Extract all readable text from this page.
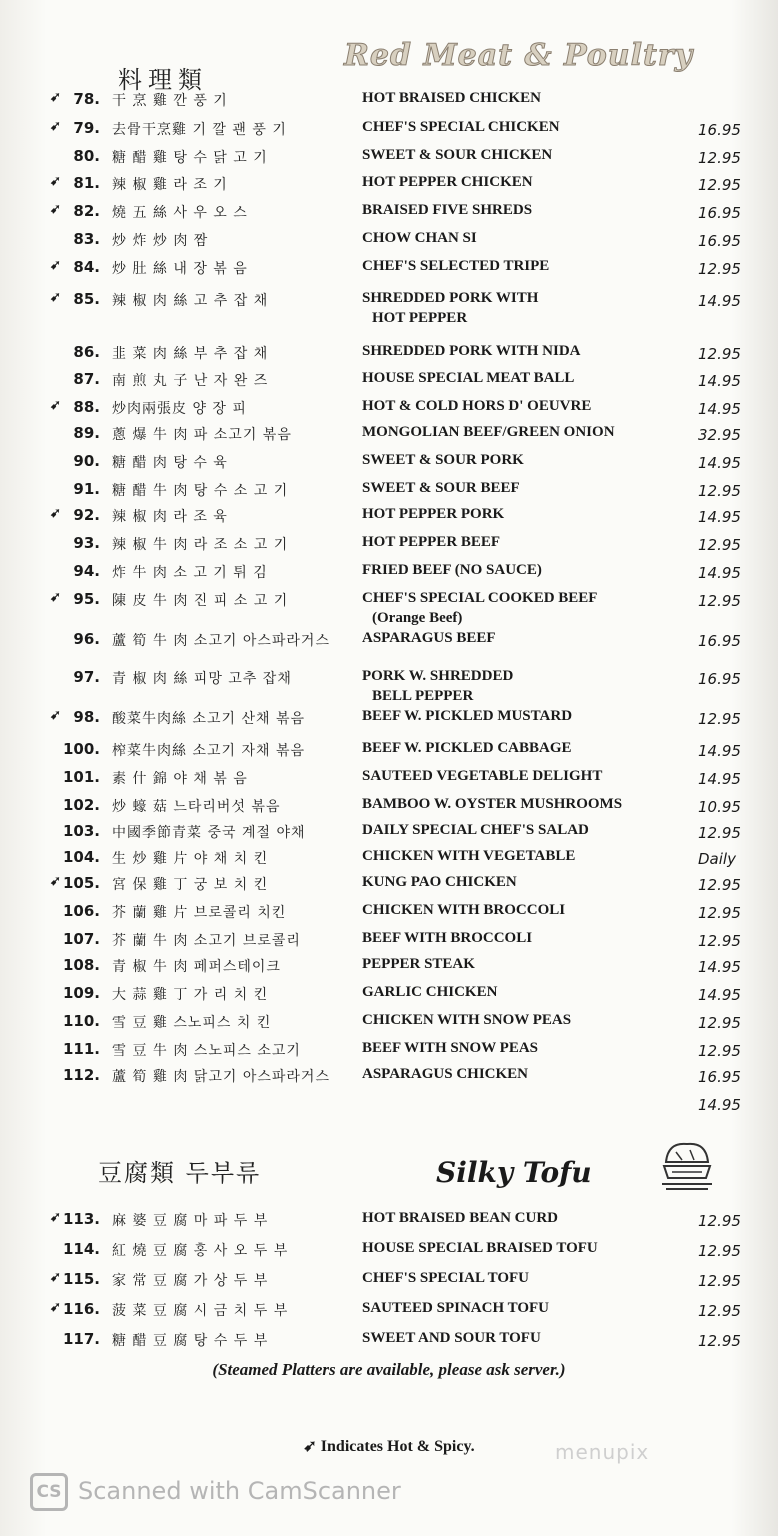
料理類
Red Meat & Poultry
➹ 78. 干 烹 雞 깐 풍 기	HOT BRAISED CHICKEN
➹ 79. 去骨干烹雞 기 깔 괜 풍 기	CHEF'S SPECIAL CHICKEN	16.95
80. 糖 醋 雞 탕 수 닭 고 기	SWEET & SOUR CHICKEN	12.95
➹ 81. 辣 椒 雞 라 조 기	HOT PEPPER CHICKEN	12.95
➹ 82. 燒 五 絲 사 우 오 스	BRAISED FIVE SHREDS	16.95
83. 炒 炸 炒 肉 짬	CHOW CHAN SI	16.95
➹ 84. 炒 肚 絲 내 장 볶 음	CHEF'S SELECTED TRIPE	12.95
➹ 85. 辣 椒 肉 絲 고 추 잡 채	SHREDDED PORK WITH	14.95
HOT PEPPER
86. 韭 菜 肉 絲 부 추 잡 채	SHREDDED PORK WITH NIDA	12.95
87. 南 煎 丸 子 난 자 완 즈	HOUSE SPECIAL MEAT BALL	14.95
➹ 88. 炒肉兩張皮 양 장 피	HOT & COLD HORS D' OEUVRE	14.95
89. 蔥 爆 牛 肉 파 소고기 볶음	MONGOLIAN BEEF/GREEN ONION	32.95
90. 糖 醋 肉 탕 수 육	SWEET & SOUR PORK	14.95
91. 糖 醋 牛 肉 탕 수 소 고 기	SWEET & SOUR BEEF	12.95
➹ 92. 辣 椒 肉 라 조 육	HOT PEPPER PORK	14.95
93. 辣 椒 牛 肉 라 조 소 고 기	HOT PEPPER BEEF	12.95
94. 炸 牛 肉 소 고 기 튀 김	FRIED BEEF (NO SAUCE)	14.95
➹ 95. 陳 皮 牛 肉 진 피 소 고 기	CHEF'S SPECIAL COOKED BEEF	12.95
(Orange Beef)
96. 蘆 筍 牛 肉 소고기 아스파라거스	ASPARAGUS BEEF	16.95
97. 青 椒 肉 絲 피망 고추 잡채	PORK W. SHREDDED	16.95
BELL PEPPER
➹ 98. 酸菜牛肉絲 소고기 산채 볶음	BEEF W. PICKLED MUSTARD	12.95
100. 榨菜牛肉絲 소고기 자채 볶음	BEEF W. PICKLED CABBAGE	14.95
101. 素 什 錦 야 채 볶 음	SAUTEED VEGETABLE DELIGHT	14.95
102. 炒 蠔 菇 느타리버섯 볶음	BAMBOO W. OYSTER MUSHROOMS	10.95
103. 中國季節青菜 중국 계절 야채	DAILY SPECIAL CHEF'S SALAD	12.95
104. 生 炒 雞 片 야 채 치 킨	CHICKEN WITH VEGETABLE	Daily
➹ 105. 宮 保 雞 丁 궁 보 치 킨	KUNG PAO CHICKEN	12.95
106. 芥 蘭 雞 片 브로콜리 치킨	CHICKEN WITH BROCCOLI	12.95
107. 芥 蘭 牛 肉 소고기 브로콜리	BEEF WITH BROCCOLI	12.95
108. 青 椒 牛 肉 페퍼스테이크	PEPPER STEAK	14.95
109. 大 蒜 雞 丁 가 리 치 킨	GARLIC CHICKEN	14.95
110. 雪 豆 雞 스노피스 치 킨	CHICKEN WITH SNOW PEAS	12.95
111. 雪 豆 牛 肉 스노피스 소고기	BEEF WITH SNOW PEAS	12.95
112. 蘆 筍 雞 肉 닭고기 아스파라거스	ASPARAGUS CHICKEN	16.95
14.95
豆腐類 두부류	Silky Tofu
➹ 113. 麻 婆 豆 腐 마 파 두 부	HOT BRAISED BEAN CURD	12.95
114. 紅 燒 豆 腐 홍 사 오 두 부	HOUSE SPECIAL BRAISED TOFU	12.95
➹ 115. 家 常 豆 腐 가 상 두 부	CHEF'S SPECIAL TOFU	12.95
➹ 116. 菠 菜 豆 腐 시 금 치 두 부	SAUTEED SPINACH TOFU	12.95
117. 糖 醋 豆 腐 탕 수 두 부	SWEET AND SOUR TOFU	12.95
(Steamed Platters are available, please ask server.)
➹ Indicates Hot & Spicy.	menupix
CS Scanned with CamScanner
